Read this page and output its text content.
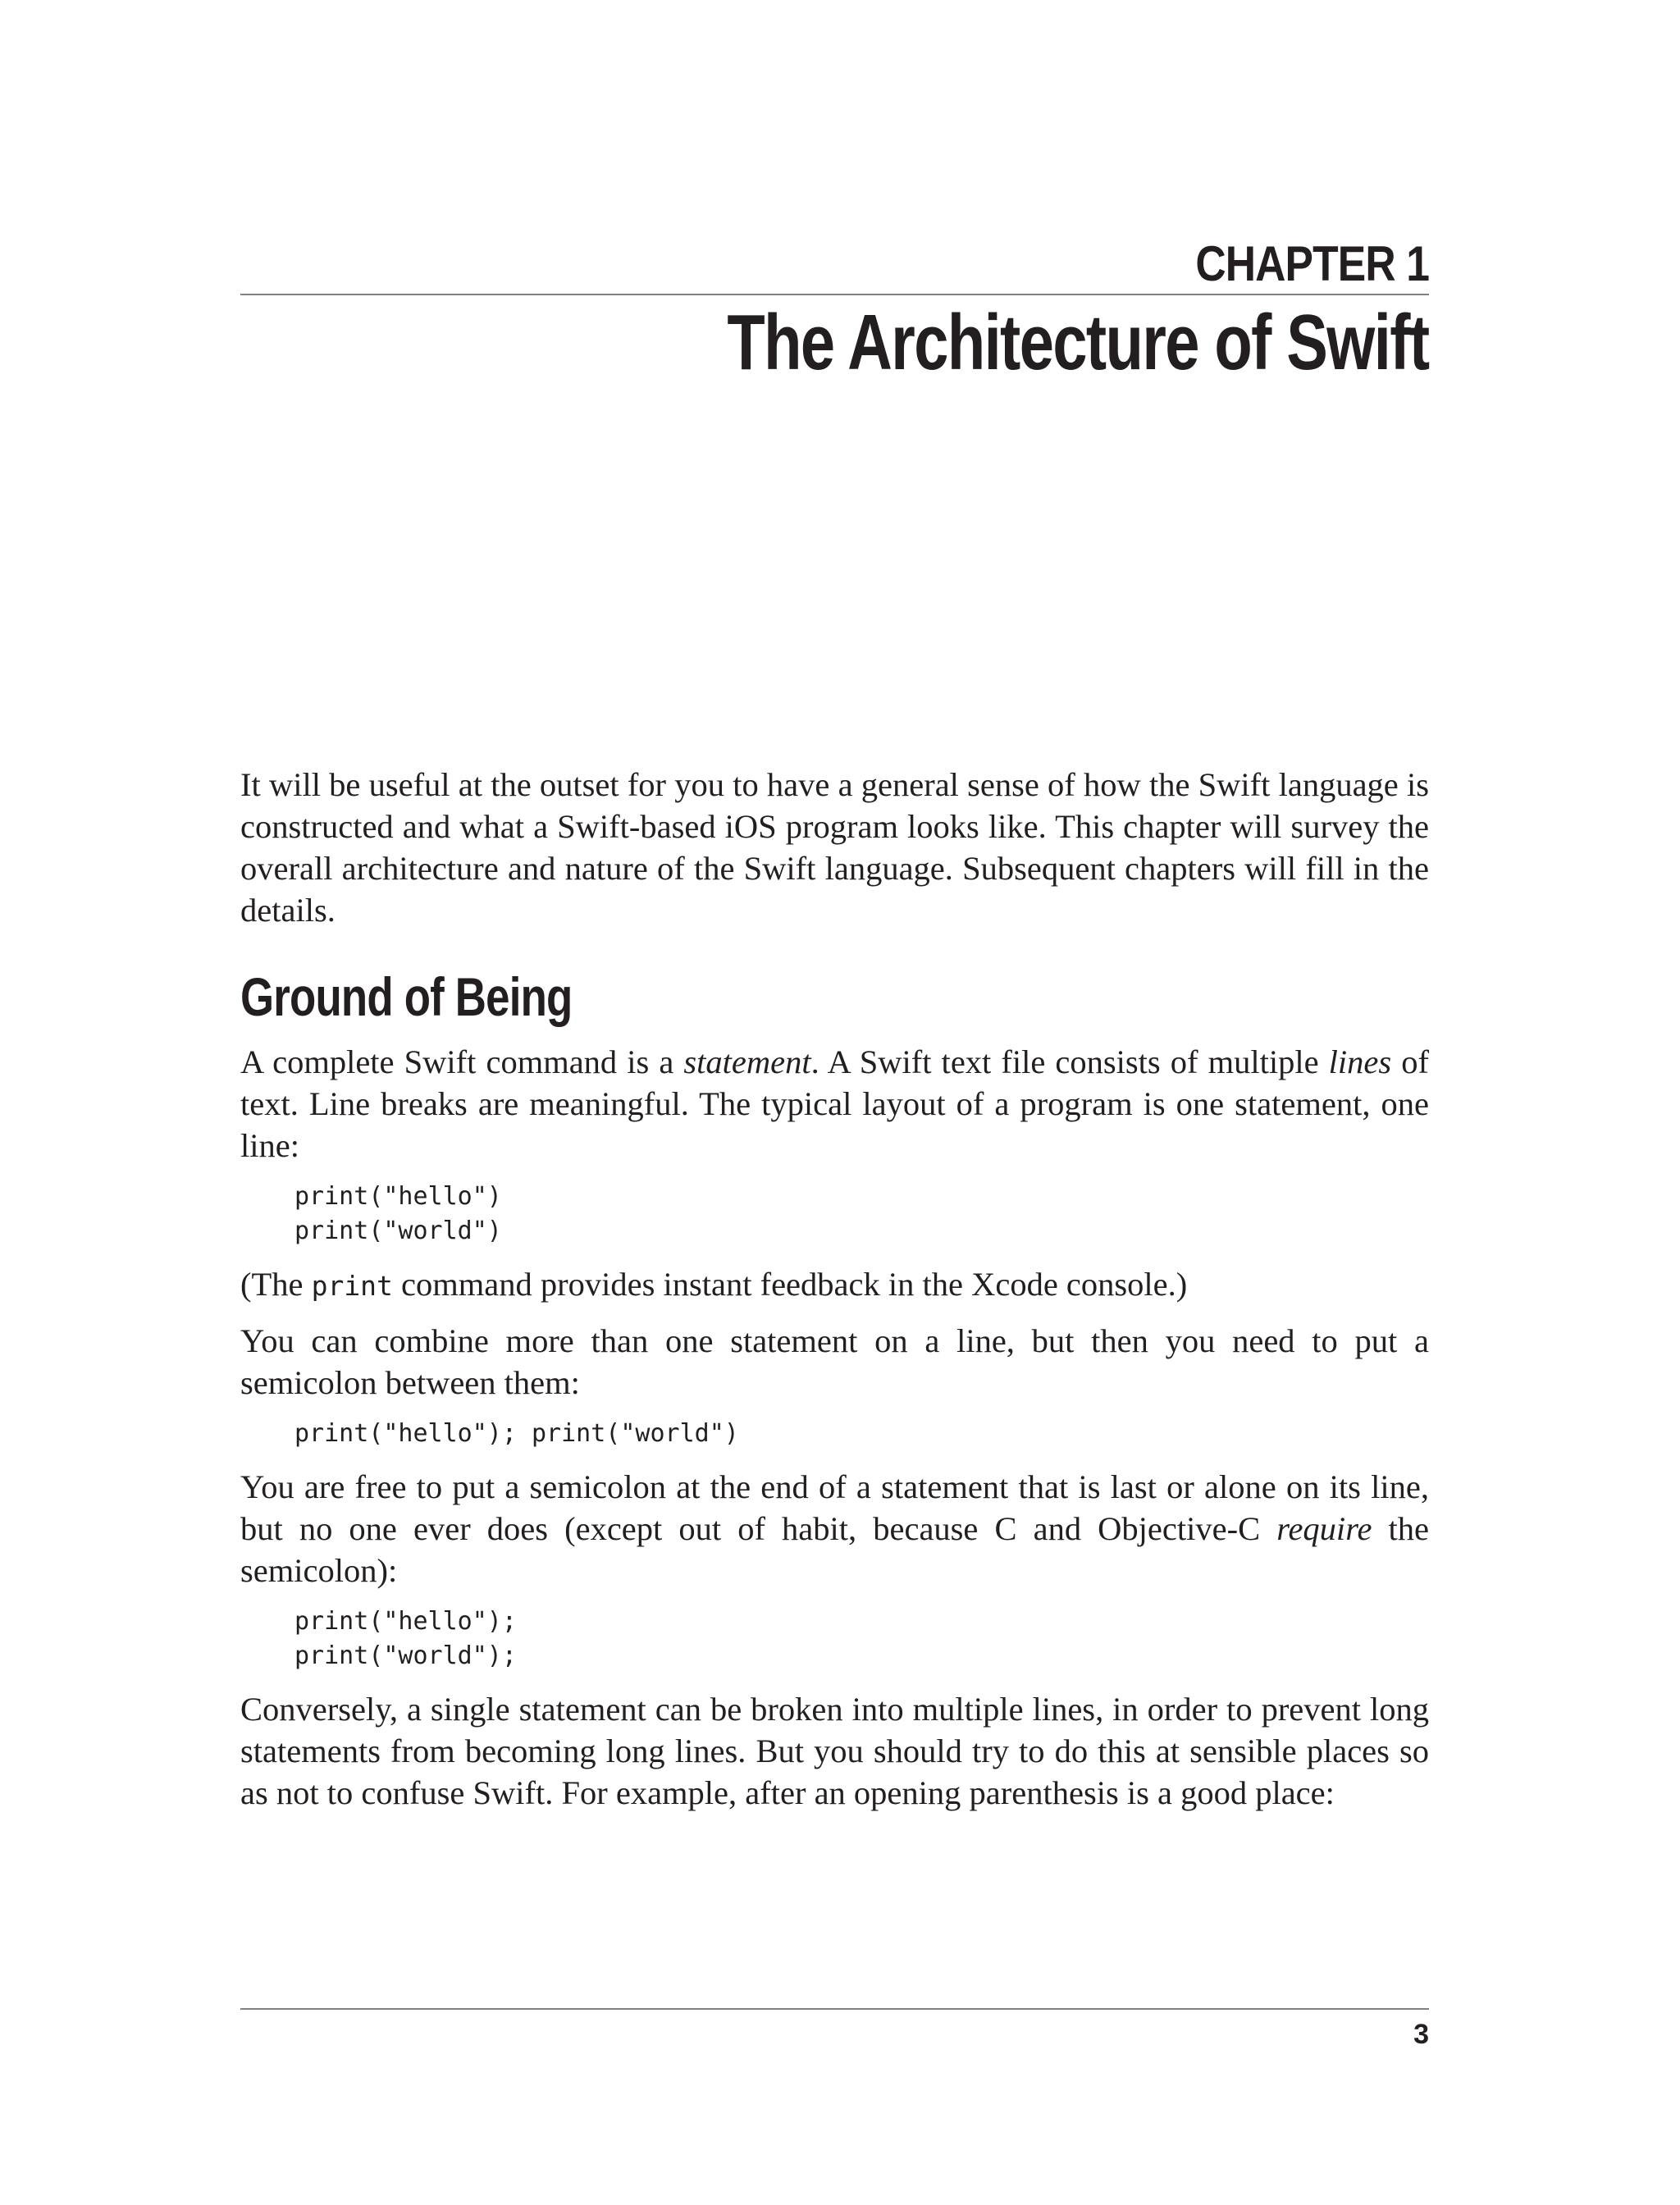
CHAPTER 1
The Architecture of Swift

It will be useful at the outset for you to have a general sense of how the Swift language is constructed and what a Swift-based iOS program looks like. This chapter will survey the overall architecture and nature of the Swift language. Subsequent chapters will fill in the details.

Ground of Being

A complete Swift command is a statement. A Swift text file consists of multiple lines of text. Line breaks are meaningful. The typical layout of a program is one statement, one line:

print("hello")
print("world")

(The print command provides instant feedback in the Xcode console.)

You can combine more than one statement on a line, but then you need to put a semicolon between them:

print("hello"); print("world")

You are free to put a semicolon at the end of a statement that is last or alone on its line, but no one ever does (except out of habit, because C and Objective-C require the semicolon):

print("hello");
print("world");

Conversely, a single statement can be broken into multiple lines, in order to prevent long statements from becoming long lines. But you should try to do this at sensible places so as not to confuse Swift. For example, after an opening parenthesis is a good place:

3
